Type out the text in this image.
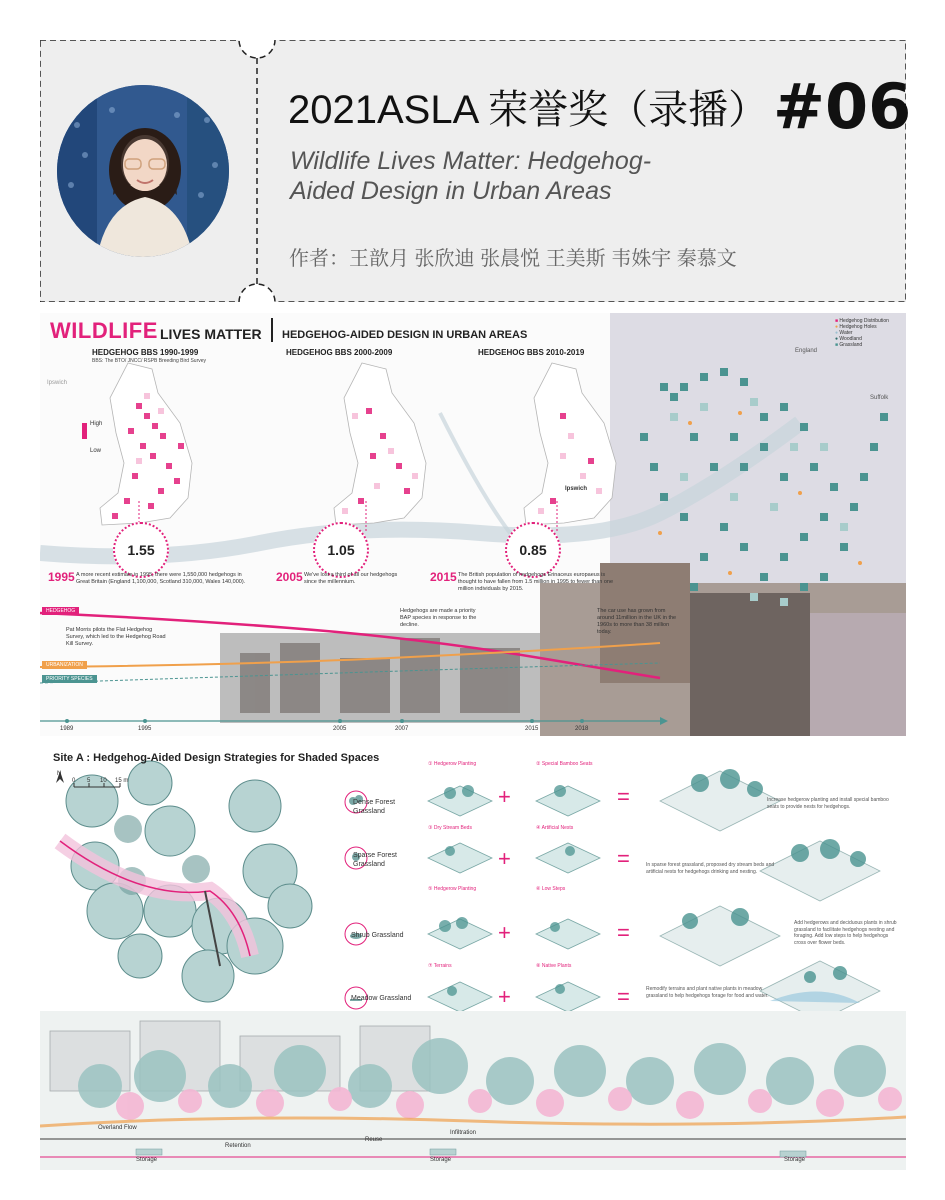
2021ASLA 荣誉奖（录播） #06
Wildlife Lives Matter: Hedgehog-
Aided Design in Urban Areas
作者：王歆月 张欣迪 张晨悦 王美斯 韦姝宇 秦慕文
WILDLIFE LIVES MATTER HEDGEHOG-AIDED DESIGN IN URBAN AREAS
HEDGEHOG BBS 1990-1999
BBS: The BTO/ JNCC/ RSPB Breeding Bird Survey
HEDGEHOG BBS 2000-2009	HEDGEHOG BBS 2010-2019
Ipswich
High
Low
Ipswich
England
Suffolk
■ Hedgehog Distribution
● Hedgehog Holes
● Water
● Woodland
■ Grassland
1.55	1.05	0.85
1995 A more recent estimate in 1995, there were 1,550,000 hedgehogs in Great Britain (England 1,100,000, Scotland 310,000, Wales 140,000).	2005 We've lost a third of all our hedgehogs since the millennium.	2015 The British population of hedgehogs Erinaceus europaeus is thought to have fallen from 1.5 million in 1995 to fewer than one million individuals by 2015.
HEDGEHOG
Pat Morris pilots the Flat Hedgehog Survey, which led to the Hedgehog Road Kill Survey.
Hedgehogs are made a priority BAP species in response to the decline.
The car use has grown from around 11million in the UK in the 1960s to more than 38 million today.
URBANIZATION
PRIORITY SPECIES
1989	1995	2005	2007	2015	2018
Site A : Hedgehog-Aided Design Strategies for Shaded Spaces
N
0 5 10 15 m
Dense Forest Grassland
① Hedgerow Planting	② Special Bamboo Seats
+	=	Increase hedgerow planting and install special bamboo seats to provide nests for hedgehogs.
Sparse Forest Grassland
③ Dry Stream Beds	④ Artificial Nests
+	=	In sparse forest grassland, proposed dry stream beds and artificial nests for hedgehogs drinking and nesting.
Shrub Grassland
⑤ Hedgerow Planting	⑥ Low Steps
+	=	Add hedgerows and deciduous plants in shrub grassland to facilitate hedgehogs nesting and foraging. Add low steps to help hedgehogs cross over flower beds.
Meadow Grassland
⑦ Terrains	⑧ Native Plants
+	=	Remodify terrains and plant native plants in meadow grassland to help hedgehogs forage for food and water.
Overland Flow
Retention
Reuse
Storage	Storage	Storage
Infiltration
